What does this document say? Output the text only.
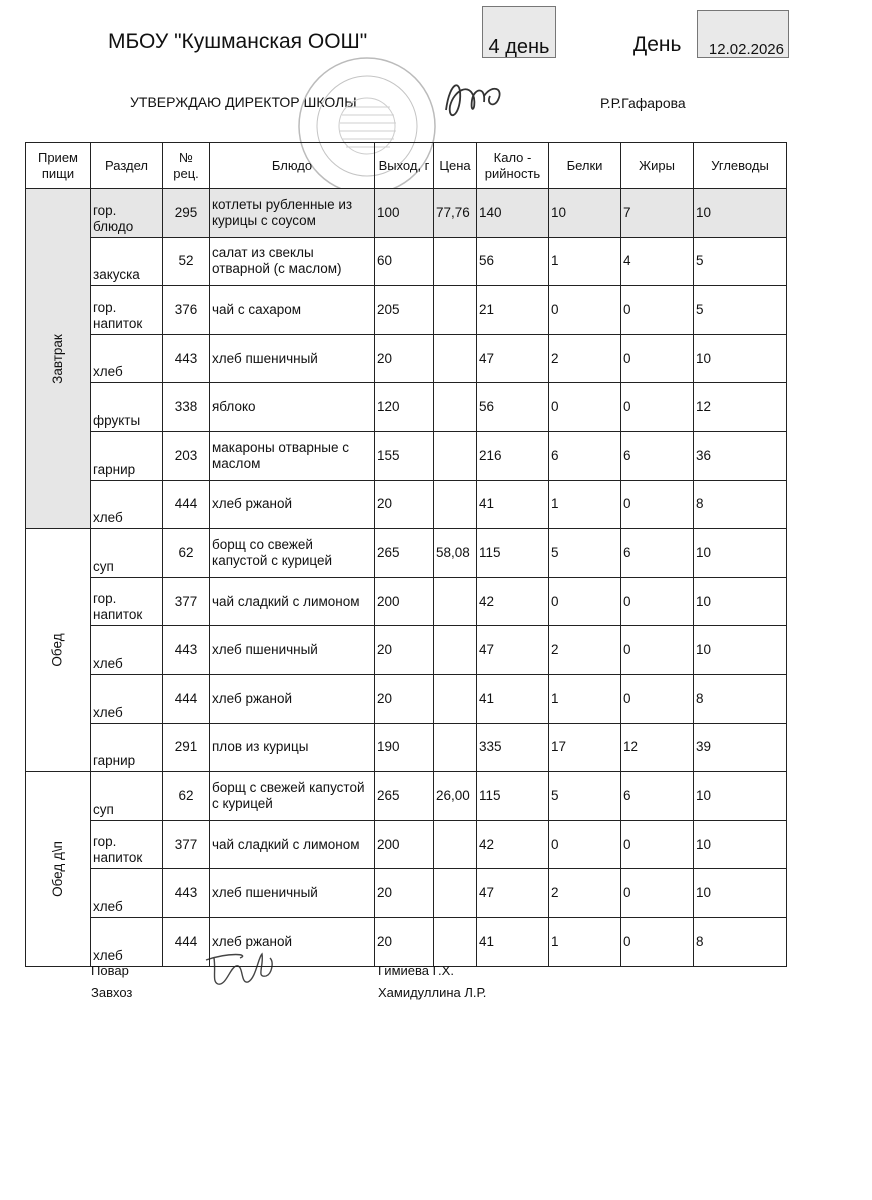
МБОУ "Кушманская ООШ"	4 день	День	12.02.2026
УТВЕРЖДАЮ ДИРЕКТОР ШКОЛЫ	Р.Р.Гафарова
Прием пищи	Раздел	№ рец.	Блюдо	Выход, г	Цена	Кало - рийность	Белки	Жиры	Углеводы
Завтрак	гор. блюдо	295	котлеты рубленные из курицы с соусом	100	77,76	140	10	7	10
	закуска	52	салат из свеклы отварной (с маслом)	60		56	1	4	5
	гор. напиток	376	чай с сахаром	205		21	0	0	5
	хлеб	443	хлеб пшеничный	20		47	2	0	10
	фрукты	338	яблоко	120		56	0	0	12
	гарнир	203	макароны отварные с маслом	155		216	6	6	36
	хлеб	444	хлеб ржаной	20		41	1	0	8
Обед	суп	62	борщ со свежей капустой с курицей	265	58,08	115	5	6	10
	гор. напиток	377	чай сладкий с лимоном	200		42	0	0	10
	хлеб	443	хлеб пшеничный	20		47	2	0	10
	хлеб	444	хлеб ржаной	20		41	1	0	8
	гарнир	291	плов из курицы	190		335	17	12	39
Обед д\п	суп	62	борщ с свежей капустой с курицей	265	26,00	115	5	6	10
	гор. напиток	377	чай сладкий с лимоном	200		42	0	0	10
	хлеб	443	хлеб пшеничный	20		47	2	0	10
	хлеб	444	хлеб ржаной	20		41	1	0	8
Повар	Гимиева Г.Х.
Завхоз	Хамидуллина Л.Р.
